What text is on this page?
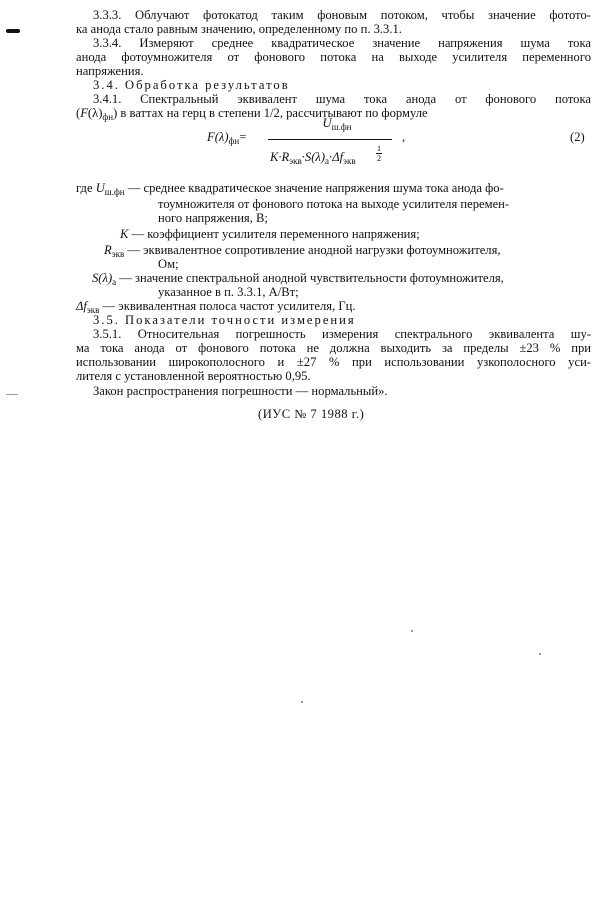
3.3.3. Облучают фотокатод таким фоновым потоком, чтобы значение фотото-
ка анода стало равным значению, определенному по п. 3.3.1.
3.3.4. Измеряют среднее квадратическое значение напряжения шума тока
анода фотоумножителя от фонового потока на выходе усилителя переменного
напряжения.
3.4. Обработка результатов
3.4.1. Спектральный эквивалент шума тока анода от фонового потока
$(F(\lambda)_{фн})$ в ваттах на герц в степени 1/2, рассчитывают по формуле
$F(\lambda)_{фн}=$
$U_{ш.фн}$
$K\cdot R_{экв}\cdot S(\lambda)_а\cdot\Delta f_{экв}$
1
2
,	(2)
где $U_{ш.фн}$ — среднее квадратическое значение напряжения шума тока анода фо-
тоумножителя от фонового потока на выходе усилителя перемен-
ного напряжения, В;
K — коэффициент усилителя переменного напряжения;
$R_{экв}$ — эквивалентное сопротивление анодной нагрузки фотоумножителя,
Ом;
$S(\lambda)_а$ — значение спектральной анодной чувствительности фотоумножителя,
указанное в п. 3.3.1, А/Вт;
$\Delta f_{экв}$ — эквивалентная полоса частот усилителя, Гц.
3.5. Показатели точности измерения
3.5.1. Относительная погрешность измерения спектрального эквивалента шу-
ма тока анода от фонового потока не должна выходить за пределы ±23 % при
использовании широкополосного и ±27 % при использовании узкополосного уси-
лителя с установленной вероятностью 0,95.
Закон распространения погрешности — нормальный».
(ИУС № 7 1988 г.)
